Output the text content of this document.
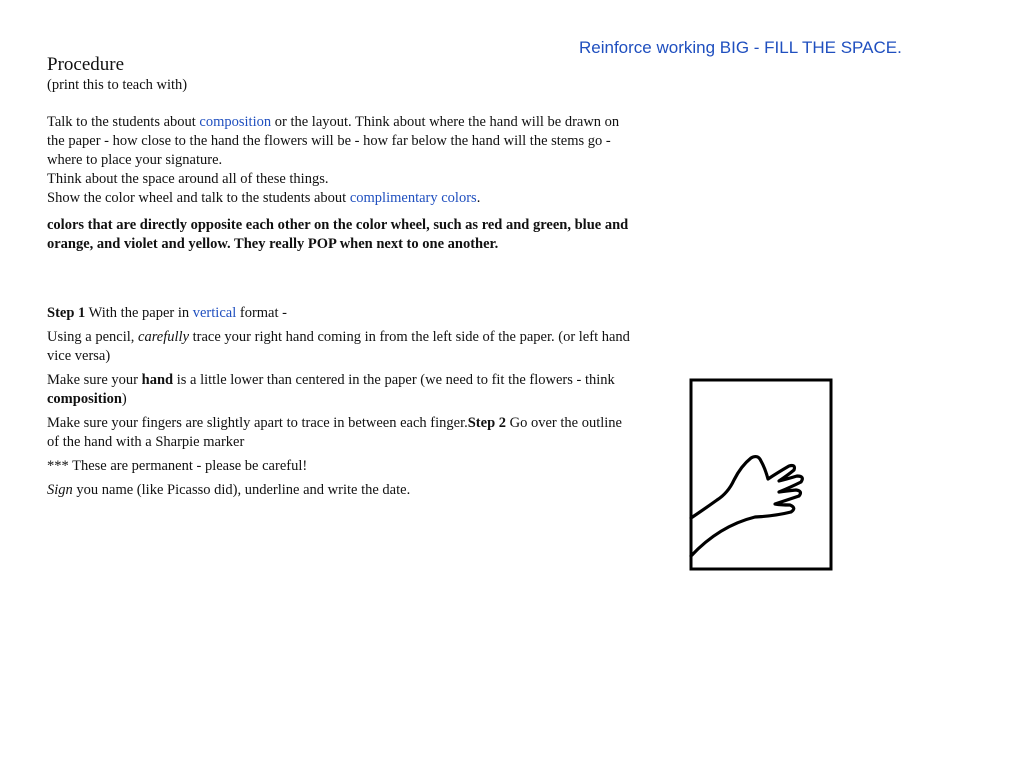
Reinforce working BIG - FILL THE SPACE.
Procedure
(print this to teach with)
Talk to the students about composition or the layout. Think about where the hand will be drawn on the paper - how close to the hand the flowers will be - how far below the hand will the stems go - where to place your signature.
Think about the space around all of these things.
Show the color wheel and talk to the students about complimentary colors.
colors that are directly opposite each other on the color wheel, such as red and green, blue and orange, and violet and yellow. They really POP when next to one another.
Step 1 With the paper in vertical format -
Using a pencil, carefully trace your right hand coming in from the left side of the paper. (or left hand vice versa)
Make sure your hand is a little lower than centered in the paper (we need to fit the flowers - think composition)
Make sure your fingers are slightly apart to trace in between each finger.Step 2 Go over the outline of the hand with a Sharpie marker
*** These are permanent - please be careful!
Sign you name (like Picasso did), underline and write the date.
